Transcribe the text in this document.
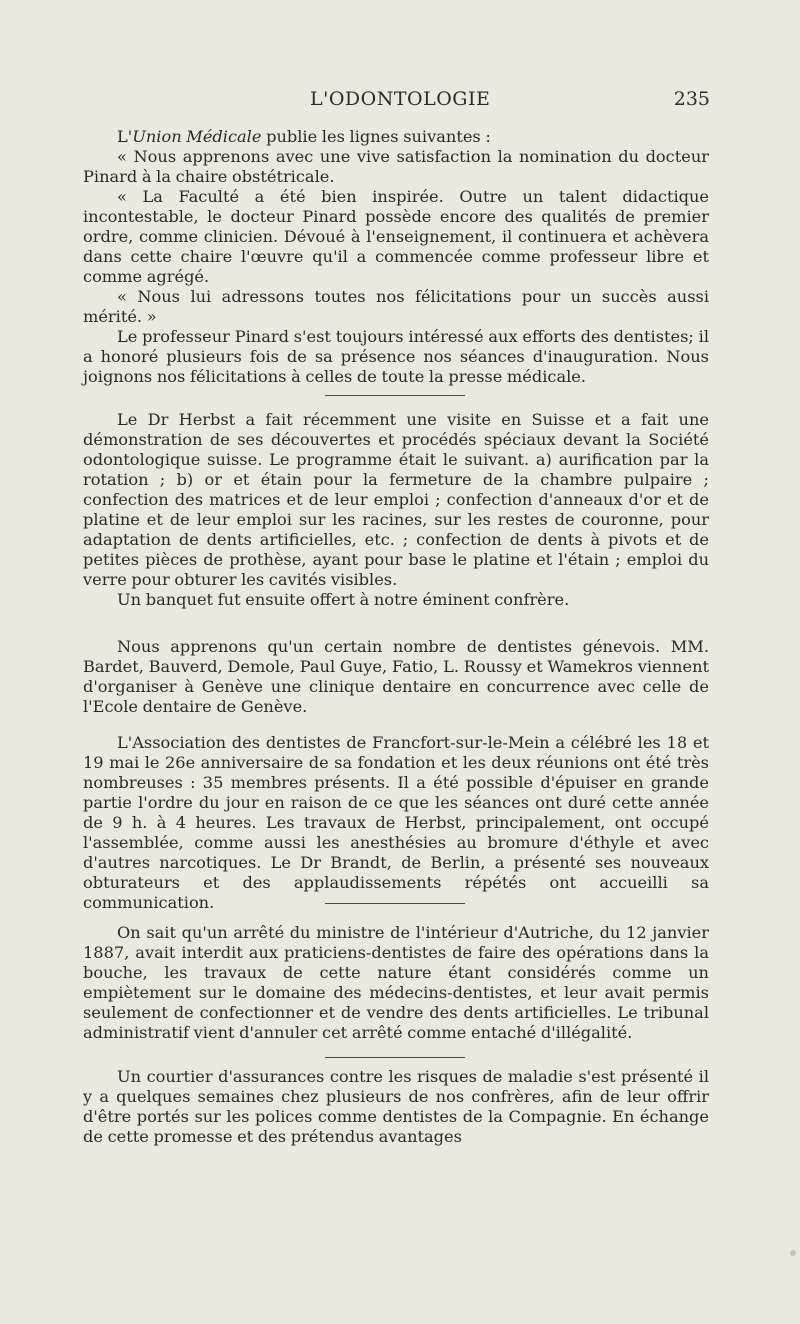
L'ODONTOLOGIE	235

L'Union Médicale publie les lignes suivantes :

« Nous apprenons avec une vive satisfaction la nomination du docteur Pinard à la chaire obstétricale.

« La Faculté a été bien inspirée. Outre un talent didactique incontestable, le docteur Pinard possède encore des qualités de premier ordre, comme clinicien. Dévoué à l'enseignement, il continuera et achèvera dans cette chaire l'œuvre qu'il a commencée comme professeur libre et comme agrégé.

« Nous lui adressons toutes nos félicitations pour un succès aussi mérité. »

Le professeur Pinard s'est toujours intéressé aux efforts des dentistes; il a honoré plusieurs fois de sa présence nos séances d'inauguration. Nous joignons nos félicitations à celles de toute la presse médicale.

Le Dr Herbst a fait récemment une visite en Suisse et a fait une démonstration de ses découvertes et procédés spéciaux devant la Société odontologique suisse. Le programme était le suivant. a) aurification par la rotation ; b) or et étain pour la fermeture de la chambre pulpaire ; confection des matrices et de leur emploi ; confection d'anneaux d'or et de platine et de leur emploi sur les racines, sur les restes de couronne, pour adaptation de dents artificielles, etc. ; confection de dents à pivots et de petites pièces de prothèse, ayant pour base le platine et l'étain ; emploi du verre pour obturer les cavités visibles.

Un banquet fut ensuite offert à notre éminent confrère.

Nous apprenons qu'un certain nombre de dentistes génevois. MM. Bardet, Bauverd, Demole, Paul Guye, Fatio, L. Roussy et Wamekros viennent d'organiser à Genève une clinique dentaire en concurrence avec celle de l'Ecole dentaire de Genève.

L'Association des dentistes de Francfort-sur-le-Mein a célébré les 18 et 19 mai le 26e anniversaire de sa fondation et les deux réunions ont été très nombreuses : 35 membres présents. Il a été possible d'épuiser en grande partie l'ordre du jour en raison de ce que les séances ont duré cette année de 9 h. à 4 heures. Les travaux de Herbst, principalement, ont occupé l'assemblée, comme aussi les anesthésies au bromure d'éthyle et avec d'autres narcotiques. Le Dr Brandt, de Berlin, a présenté ses nouveaux obturateurs et des applaudissements répétés ont accueilli sa communication.

On sait qu'un arrêté du ministre de l'intérieur d'Autriche, du 12 janvier 1887, avait interdit aux praticiens-dentistes de faire des opérations dans la bouche, les travaux de cette nature étant considérés comme un empiètement sur le domaine des médecins-dentistes, et leur avait permis seulement de confectionner et de vendre des dents artificielles. Le tribunal administratif vient d'annuler cet arrêté comme entaché d'illégalité.

Un courtier d'assurances contre les risques de maladie s'est présenté il y a quelques semaines chez plusieurs de nos confrères, afin de leur offrir d'être portés sur les polices comme dentistes de la Compagnie. En échange de cette promesse et des prétendus avantages
